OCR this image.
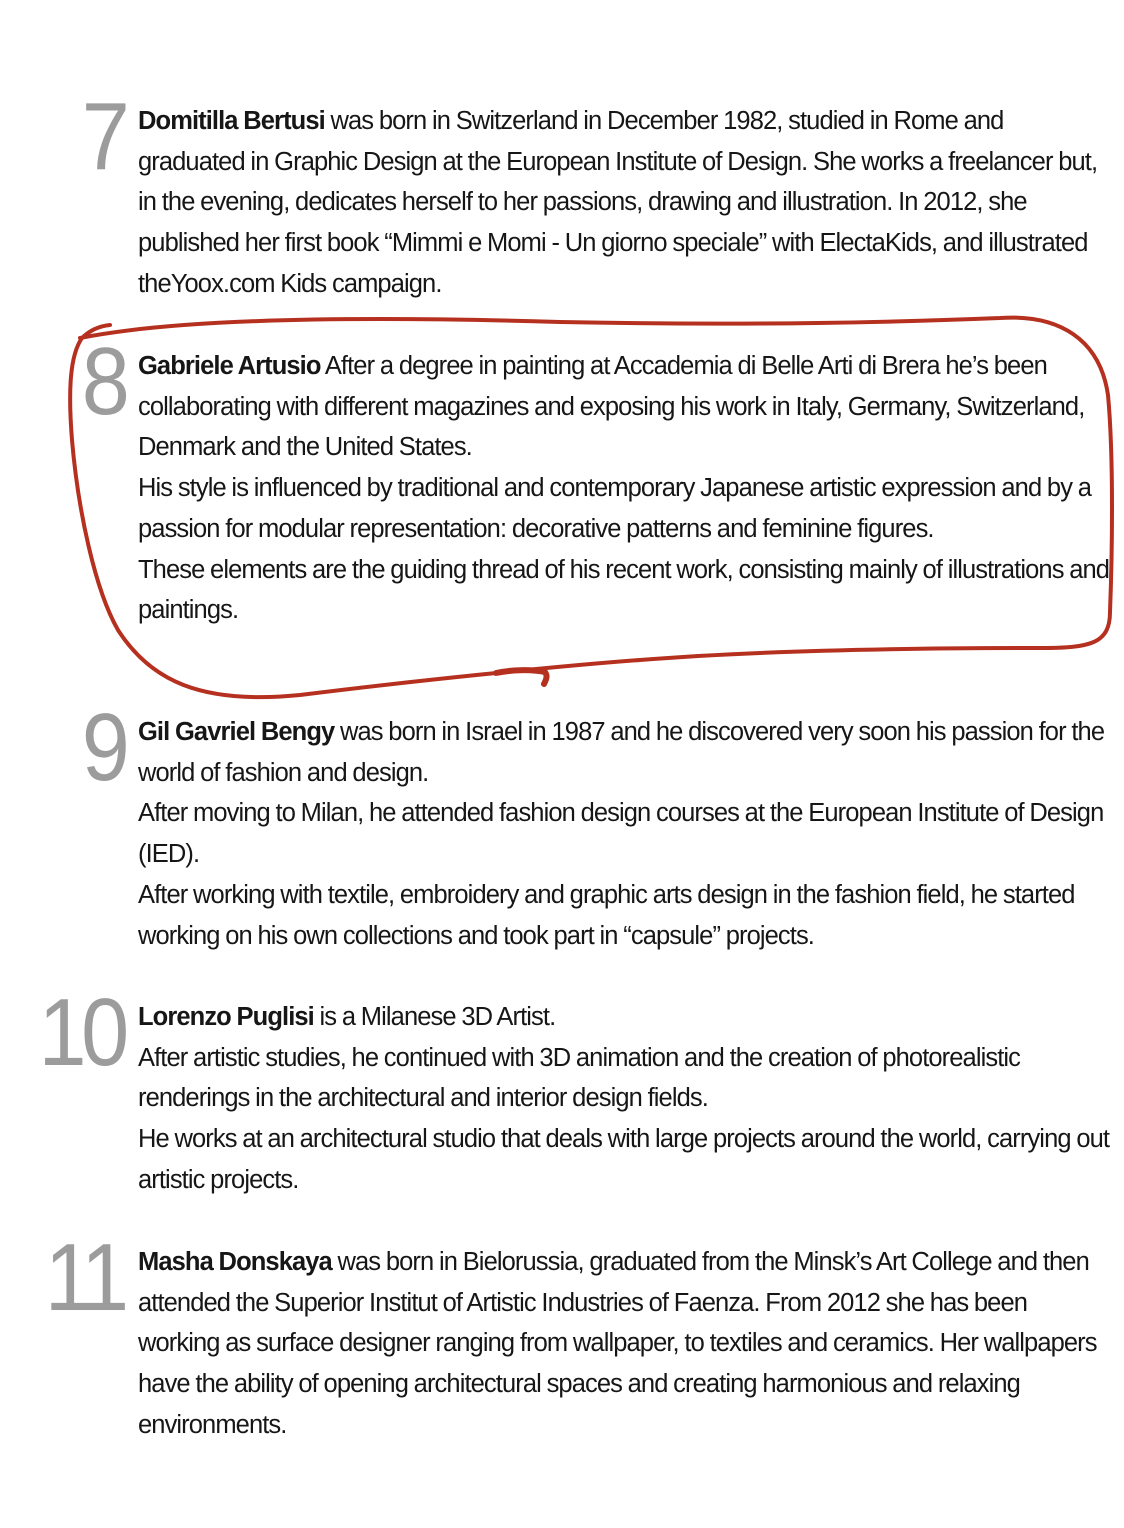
7 Domitilla Bertusi was born in Switzerland in December 1982, studied in Rome and graduated in Graphic Design at the European Institute of Design. She works a freelancer but, in the evening, dedicates herself to her passions, drawing and illustration. In 2012, she published her first book “Mimmi e Momi - Un giorno speciale” with ElectaKids, and illustrated theYoox.com Kids campaign.

8 Gabriele Artusio After a degree in painting at Accademia di Belle Arti di Brera he’s been collaborating with different magazines and exposing his work in Italy, Germany, Switzerland, Denmark and the United States.

His style is influenced by traditional and contemporary Japanese artistic expression and by a passion for modular representation: decorative patterns and feminine figures.

These elements are the guiding thread of his recent work, consisting mainly of illustrations and paintings.

9 Gil Gavriel Bengy was born in Israel in 1987 and he discovered very soon his passion for the world of fashion and design.

After moving to Milan, he attended fashion design courses at the European Institute of Design (IED).

After working with textile, embroidery and graphic arts design in the fashion field, he started working on his own collections and took part in “capsule” projects.

10 Lorenzo Puglisi is a Milanese 3D Artist.

After artistic studies, he continued with 3D animation and the creation of photorealistic renderings in the architectural and interior design fields.

He works at an architectural studio that deals with large projects around the world, carrying out artistic projects.

11 Masha Donskaya was born in Bielorussia, graduated from the Minsk’s Art College and then attended the Superior Institut of Artistic Industries of Faenza. From 2012 she has been working as surface designer ranging from wallpaper, to textiles and ceramics. Her wallpapers have the ability of opening architectural spaces and creating harmonious and relaxing environments.
